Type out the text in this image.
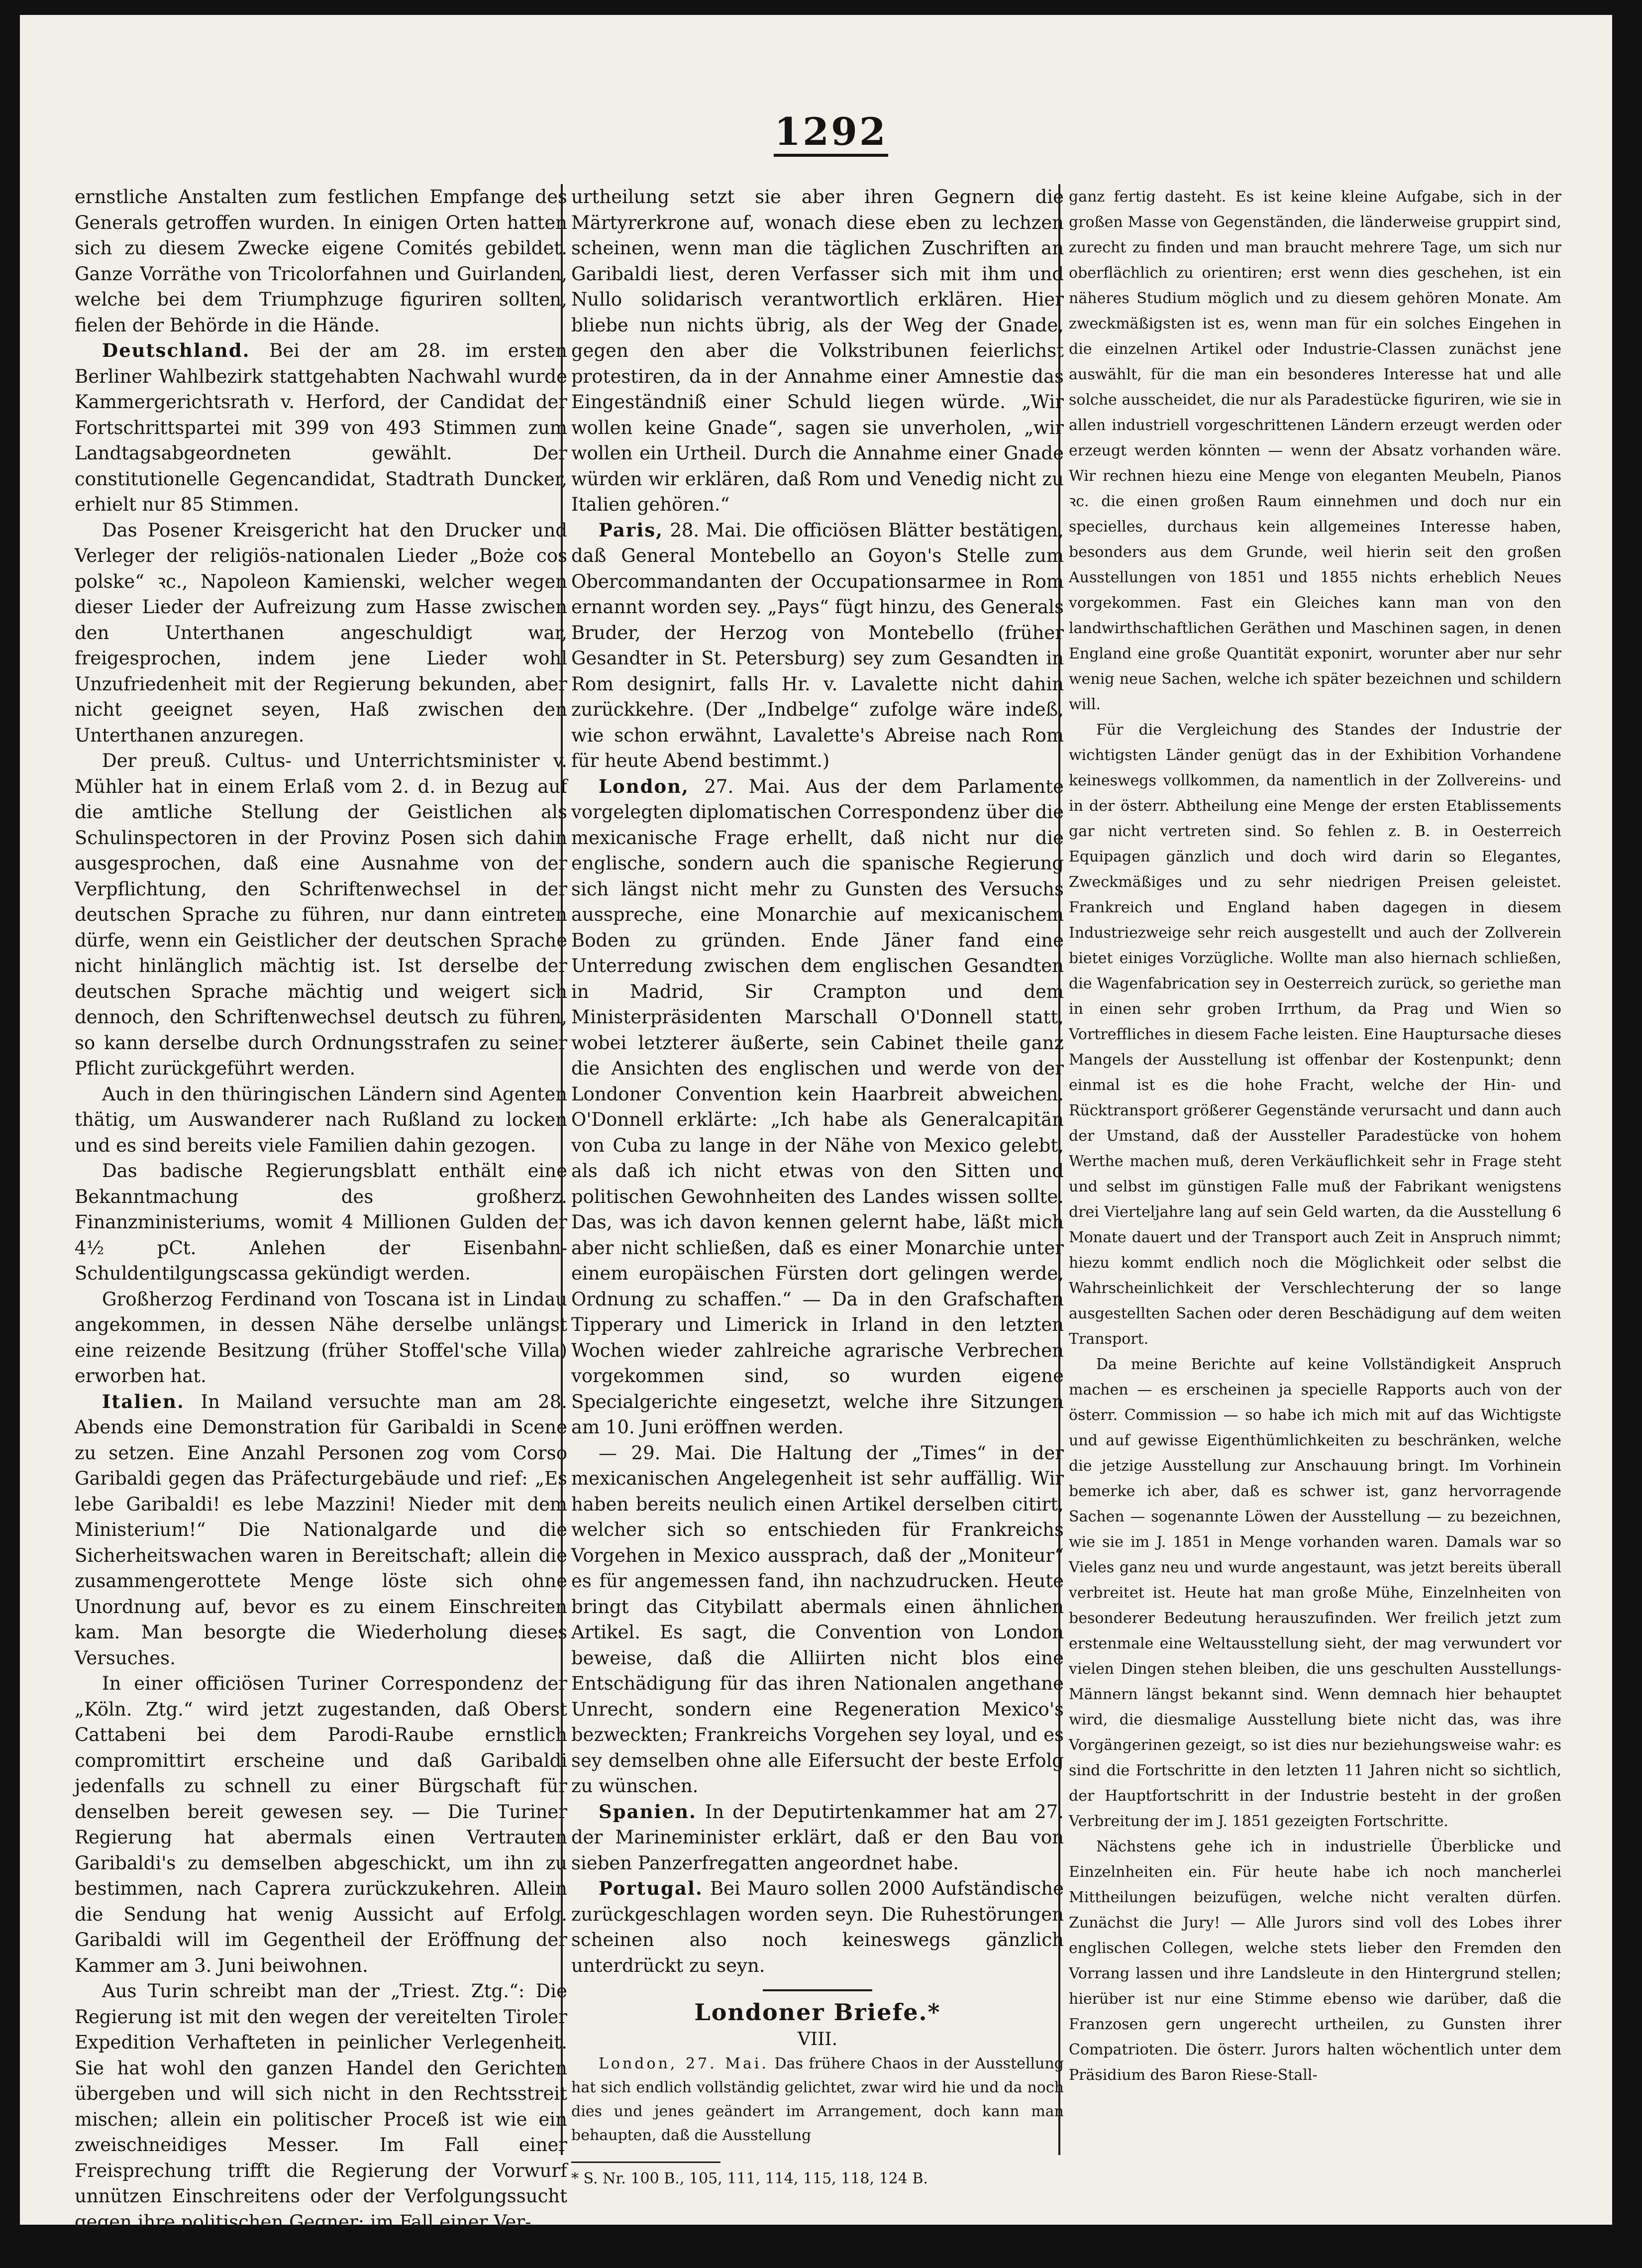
1292

ernstliche Anstalten zum festlichen Empfange des Generals getroffen wurden. In einigen Orten hatten sich zu diesem Zwecke eigene Comités gebildet. Ganze Vorräthe von Tricolorfahnen und Guirlanden, welche bei dem Triumphzuge figuriren sollten, fielen der Behörde in die Hände.

Deutschland. Bei der am 28. im ersten Berliner Wahlbezirk stattgehabten Nachwahl wurde Kammergerichtsrath v. Herford, der Candidat der Fortschrittspartei mit 399 von 493 Stimmen zum Landtagsabgeordneten gewählt. Der constitutionelle Gegencandidat, Stadtrath Duncker, erhielt nur 85 Stimmen.

Das Posener Kreisgericht hat den Drucker und Verleger der religiös-nationalen Lieder „Boże cos polske“ ꝛc., Napoleon Kamienski, welcher wegen dieser Lieder der Aufreizung zum Hasse zwischen den Unterthanen angeschuldigt war, freigesprochen, indem jene Lieder wohl Unzufriedenheit mit der Regierung bekunden, aber nicht geeignet seyen, Haß zwischen den Unterthanen anzuregen.

Der preuß. Cultus- und Unterrichtsminister v. Mühler hat in einem Erlaß vom 2. d. in Bezug auf die amtliche Stellung der Geistlichen als Schulinspectoren in der Provinz Posen sich dahin ausgesprochen, daß eine Ausnahme von der Verpflichtung, den Schriftenwechsel in der deutschen Sprache zu führen, nur dann eintreten dürfe, wenn ein Geistlicher der deutschen Sprache nicht hinlänglich mächtig ist. Ist derselbe der deutschen Sprache mächtig und weigert sich dennoch, den Schriftenwechsel deutsch zu führen, so kann derselbe durch Ordnungsstrafen zu seiner Pflicht zurückgeführt werden.

Auch in den thüringischen Ländern sind Agenten thätig, um Auswanderer nach Rußland zu locken und es sind bereits viele Familien dahin gezogen.

Das badische Regierungsblatt enthält eine Bekanntmachung des großherz. Finanzministeriums, womit 4 Millionen Gulden der 4½ pCt. Anlehen der Eisenbahn-Schuldentilgungscassa gekündigt werden.

Großherzog Ferdinand von Toscana ist in Lindau angekommen, in dessen Nähe derselbe unlängst eine reizende Besitzung (früher Stoffel'sche Villa) erworben hat.

Italien. In Mailand versuchte man am 28. Abends eine Demonstration für Garibaldi in Scene zu setzen. Eine Anzahl Personen zog vom Corso Garibaldi gegen das Präfecturgebäude und rief: „Es lebe Garibaldi! es lebe Mazzini! Nieder mit dem Ministerium!“ Die Nationalgarde und die Sicherheitswachen waren in Bereitschaft; allein die zusammengerottete Menge löste sich ohne Unordnung auf, bevor es zu einem Einschreiten kam. Man besorgte die Wiederholung dieses Versuches.

In einer officiösen Turiner Correspondenz der „Köln. Ztg.“ wird jetzt zugestanden, daß Oberst Cattabeni bei dem Parodi-Raube ernstlich compromittirt erscheine und daß Garibaldi jedenfalls zu schnell zu einer Bürgschaft für denselben bereit gewesen sey. — Die Turiner Regierung hat abermals einen Vertrauten Garibaldi's zu demselben abgeschickt, um ihn zu bestimmen, nach Caprera zurückzukehren. Allein die Sendung hat wenig Aussicht auf Erfolg. Garibaldi will im Gegentheil der Eröffnung der Kammer am 3. Juni beiwohnen.

Aus Turin schreibt man der „Triest. Ztg.“: Die Regierung ist mit den wegen der vereitelten Tiroler Expedition Verhafteten in peinlicher Verlegenheit. Sie hat wohl den ganzen Handel den Gerichten übergeben und will sich nicht in den Rechtsstreit mischen; allein ein politischer Proceß ist wie ein zweischneidiges Messer. Im Fall einer Freisprechung trifft die Regierung der Vorwurf unnützen Einschreitens oder der Verfolgungssucht gegen ihre politischen Gegner; im Fall einer Ver-

urtheilung setzt sie aber ihren Gegnern die Märtyrerkrone auf, wonach diese eben zu lechzen scheinen, wenn man die täglichen Zuschriften an Garibaldi liest, deren Verfasser sich mit ihm und Nullo solidarisch verantwortlich erklären. Hier bliebe nun nichts übrig, als der Weg der Gnade, gegen den aber die Volkstribunen feierlichst protestiren, da in der Annahme einer Amnestie das Eingeständniß einer Schuld liegen würde. „Wir wollen keine Gnade“, sagen sie unverholen, „wir wollen ein Urtheil. Durch die Annahme einer Gnade würden wir erklären, daß Rom und Venedig nicht zu Italien gehören.“

Paris, 28. Mai. Die officiösen Blätter bestätigen, daß General Montebello an Goyon's Stelle zum Obercommandanten der Occupationsarmee in Rom ernannt worden sey. „Pays“ fügt hinzu, des Generals Bruder, der Herzog von Montebello (früher Gesandter in St. Petersburg) sey zum Gesandten in Rom designirt, falls Hr. v. Lavalette nicht dahin zurückkehre. (Der „Indbelge“ zufolge wäre indeß, wie schon erwähnt, Lavalette's Abreise nach Rom für heute Abend bestimmt.)

London, 27. Mai. Aus der dem Parlamente vorgelegten diplomatischen Correspondenz über die mexicanische Frage erhellt, daß nicht nur die englische, sondern auch die spanische Regierung sich längst nicht mehr zu Gunsten des Versuchs ausspreche, eine Monarchie auf mexicanischem Boden zu gründen. Ende Jäner fand eine Unterredung zwischen dem englischen Gesandten in Madrid, Sir Crampton und dem Ministerpräsidenten Marschall O'Donnell statt, wobei letzterer äußerte, sein Cabinet theile ganz die Ansichten des englischen und werde von der Londoner Convention kein Haarbreit abweichen. O'Donnell erklärte: „Ich habe als Generalcapitän von Cuba zu lange in der Nähe von Mexico gelebt, als daß ich nicht etwas von den Sitten und politischen Gewohnheiten des Landes wissen sollte. Das, was ich davon kennen gelernt habe, läßt mich aber nicht schließen, daß es einer Monarchie unter einem europäischen Fürsten dort gelingen werde, Ordnung zu schaffen.“ — Da in den Grafschaften Tipperary und Limerick in Irland in den letzten Wochen wieder zahlreiche agrarische Verbrechen vorgekommen sind, so wurden eigene Specialgerichte eingesetzt, welche ihre Sitzungen am 10. Juni eröffnen werden.

— 29. Mai. Die Haltung der „Times“ in der mexicanischen Angelegenheit ist sehr auffällig. Wir haben bereits neulich einen Artikel derselben citirt, welcher sich so entschieden für Frankreichs Vorgehen in Mexico aussprach, daß der „Moniteur“ es für angemessen fand, ihn nachzudrucken. Heute bringt das Citybilatt abermals einen ähnlichen Artikel. Es sagt, die Convention von London beweise, daß die Alliirten nicht blos eine Entschädigung für das ihren Nationalen angethane Unrecht, sondern eine Regeneration Mexico's bezweckten; Frankreichs Vorgehen sey loyal, und es sey demselben ohne alle Eifersucht der beste Erfolg zu wünschen.

Spanien. In der Deputirtenkammer hat am 27. der Marineminister erklärt, daß er den Bau von sieben Panzerfregatten angeordnet habe.

Portugal. Bei Mauro sollen 2000 Aufständische zurückgeschlagen worden seyn. Die Ruhestörungen scheinen also noch keineswegs gänzlich unterdrückt zu seyn.

Londoner Briefe.*
VIII.

London, 27. Mai. Das frühere Chaos in der Ausstellung hat sich endlich vollständig gelichtet, zwar wird hie und da noch dies und jenes geändert im Arrangement, doch kann man behaupten, daß die Ausstellung

* S. Nr. 100 B., 105, 111, 114, 115, 118, 124 B.

ganz fertig dasteht. Es ist keine kleine Aufgabe, sich in der großen Masse von Gegenständen, die länderweise gruppirt sind, zurecht zu finden und man braucht mehrere Tage, um sich nur oberflächlich zu orientiren; erst wenn dies geschehen, ist ein näheres Studium möglich und zu diesem gehören Monate. Am zweckmäßigsten ist es, wenn man für ein solches Eingehen in die einzelnen Artikel oder Industrie-Classen zunächst jene auswählt, für die man ein besonderes Interesse hat und alle solche ausscheidet, die nur als Paradestücke figuriren, wie sie in allen industriell vorgeschrittenen Ländern erzeugt werden oder erzeugt werden könnten — wenn der Absatz vorhanden wäre. Wir rechnen hiezu eine Menge von eleganten Meubeln, Pianos ꝛc. die einen großen Raum einnehmen und doch nur ein specielles, durchaus kein allgemeines Interesse haben, besonders aus dem Grunde, weil hierin seit den großen Ausstellungen von 1851 und 1855 nichts erheblich Neues vorgekommen. Fast ein Gleiches kann man von den landwirthschaftlichen Geräthen und Maschinen sagen, in denen England eine große Quantität exponirt, worunter aber nur sehr wenig neue Sachen, welche ich später bezeichnen und schildern will.

Für die Vergleichung des Standes der Industrie der wichtigsten Länder genügt das in der Exhibition Vorhandene keineswegs vollkommen, da namentlich in der Zollvereins- und in der österr. Abtheilung eine Menge der ersten Etablissements gar nicht vertreten sind. So fehlen z. B. in Oesterreich Equipagen gänzlich und doch wird darin so Elegantes, Zweckmäßiges und zu sehr niedrigen Preisen geleistet. Frankreich und England haben dagegen in diesem Industriezweige sehr reich ausgestellt und auch der Zollverein bietet einiges Vorzügliche. Wollte man also hiernach schließen, die Wagenfabrication sey in Oesterreich zurück, so geriethe man in einen sehr groben Irrthum, da Prag und Wien so Vortreffliches in diesem Fache leisten. Eine Hauptursache dieses Mangels der Ausstellung ist offenbar der Kostenpunkt; denn einmal ist es die hohe Fracht, welche der Hin- und Rücktransport größerer Gegenstände verursacht und dann auch der Umstand, daß der Aussteller Paradestücke von hohem Werthe machen muß, deren Verkäuflichkeit sehr in Frage steht und selbst im günstigen Falle muß der Fabrikant wenigstens drei Vierteljahre lang auf sein Geld warten, da die Ausstellung 6 Monate dauert und der Transport auch Zeit in Anspruch nimmt; hiezu kommt endlich noch die Möglichkeit oder selbst die Wahrscheinlichkeit der Verschlechterung der so lange ausgestellten Sachen oder deren Beschädigung auf dem weiten Transport.

Da meine Berichte auf keine Vollständigkeit Anspruch machen — es erscheinen ja specielle Rapports auch von der österr. Commission — so habe ich mich mit auf das Wichtigste und auf gewisse Eigenthümlichkeiten zu beschränken, welche die jetzige Ausstellung zur Anschauung bringt. Im Vorhinein bemerke ich aber, daß es schwer ist, ganz hervorragende Sachen — sogenannte Löwen der Ausstellung — zu bezeichnen, wie sie im J. 1851 in Menge vorhanden waren. Damals war so Vieles ganz neu und wurde angestaunt, was jetzt bereits überall verbreitet ist. Heute hat man große Mühe, Einzelnheiten von besonderer Bedeutung herauszufinden. Wer freilich jetzt zum erstenmale eine Weltausstellung sieht, der mag verwundert vor vielen Dingen stehen bleiben, die uns geschulten Ausstellungs-Männern längst bekannt sind. Wenn demnach hier behauptet wird, die diesmalige Ausstellung biete nicht das, was ihre Vorgängerinen gezeigt, so ist dies nur beziehungsweise wahr: es sind die Fortschritte in den letzten 11 Jahren nicht so sichtlich, der Hauptfortschritt in der Industrie besteht in der großen Verbreitung der im J. 1851 gezeigten Fortschritte.

Nächstens gehe ich in industrielle Überblicke und Einzelnheiten ein. Für heute habe ich noch mancherlei Mittheilungen beizufügen, welche nicht veralten dürfen. Zunächst die Jury! — Alle Jurors sind voll des Lobes ihrer englischen Collegen, welche stets lieber den Fremden den Vorrang lassen und ihre Landsleute in den Hintergrund stellen; hierüber ist nur eine Stimme ebenso wie darüber, daß die Franzosen gern ungerecht urtheilen, zu Gunsten ihrer Compatrioten. Die österr. Jurors halten wöchentlich unter dem Präsidium des Baron Riese-Stall-
